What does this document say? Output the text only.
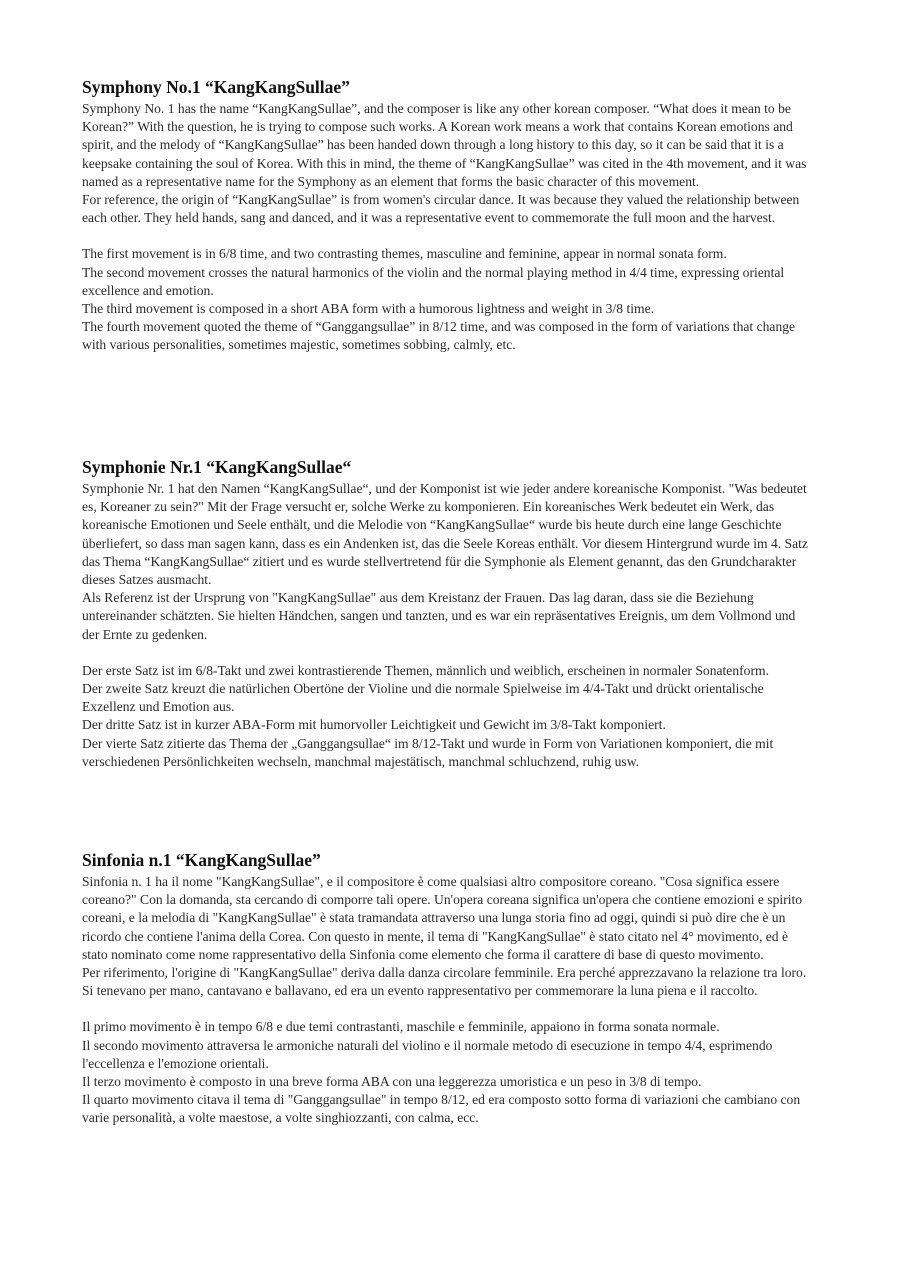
Symphony No.1 “KangKangSullae”

Symphony No. 1 has the name “KangKangSullae”, and the composer is like any other korean composer. “What does it mean to be Korean?” With the question, he is trying to compose such works. A Korean work means a work that contains Korean emotions and spirit, and the melody of “KangKangSullae” has been handed down through a long history to this day, so it can be said that it is a keepsake containing the soul of Korea. With this in mind, the theme of “KangKangSullae” was cited in the 4th movement, and it was named as a representative name for the Symphony as an element that forms the basic character of this movement.

For reference, the origin of “KangKangSullae” is from women's circular dance. It was because they valued the relationship between each other. They held hands, sang and danced, and it was a representative event to commemorate the full moon and the harvest.

The first movement is in 6/8 time, and two contrasting themes, masculine and feminine, appear in normal sonata form.

The second movement crosses the natural harmonics of the violin and the normal playing method in 4/4 time, expressing oriental excellence and emotion.

The third movement is composed in a short ABA form with a humorous lightness and weight in 3/8 time.

The fourth movement quoted the theme of “Ganggangsullae” in 8/12 time, and was composed in the form of variations that change with various personalities, sometimes majestic, sometimes sobbing, calmly, etc.

Symphonie Nr.1 “KangKangSullae“

Symphonie Nr. 1 hat den Namen “KangKangSullae“, und der Komponist ist wie jeder andere koreanische Komponist. "Was bedeutet es, Koreaner zu sein?" Mit der Frage versucht er, solche Werke zu komponieren. Ein koreanisches Werk bedeutet ein Werk, das koreanische Emotionen und Seele enthält, und die Melodie von “KangKangSullae“ wurde bis heute durch eine lange Geschichte überliefert, so dass man sagen kann, dass es ein Andenken ist, das die Seele Koreas enthält. Vor diesem Hintergrund wurde im 4. Satz das Thema “KangKangSullae“ zitiert und es wurde stellvertretend für die Symphonie als Element genannt, das den Grundcharakter dieses Satzes ausmacht.

Als Referenz ist der Ursprung von "KangKangSullae" aus dem Kreistanz der Frauen. Das lag daran, dass sie die Beziehung untereinander schätzten. Sie hielten Händchen, sangen und tanzten, und es war ein repräsentatives Ereignis, um dem Vollmond und der Ernte zu gedenken.

Der erste Satz ist im 6/8-Takt und zwei kontrastierende Themen, männlich und weiblich, erscheinen in normaler Sonatenform.

Der zweite Satz kreuzt die natürlichen Obertöne der Violine und die normale Spielweise im 4/4-Takt und drückt orientalische Exzellenz und Emotion aus.

Der dritte Satz ist in kurzer ABA-Form mit humorvoller Leichtigkeit und Gewicht im 3/8-Takt komponiert.

Der vierte Satz zitierte das Thema der „Ganggangsullae“ im 8/12-Takt und wurde in Form von Variationen komponiert, die mit verschiedenen Persönlichkeiten wechseln, manchmal majestätisch, manchmal schluchzend, ruhig usw.

Sinfonia n.1 “KangKangSullae”

Sinfonia n. 1 ha il nome "KangKangSullae", e il compositore è come qualsiasi altro compositore coreano. "Cosa significa essere coreano?" Con la domanda, sta cercando di comporre tali opere. Un'opera coreana significa un'opera che contiene emozioni e spirito coreani, e la melodia di "KangKangSullae" è stata tramandata attraverso una lunga storia fino ad oggi, quindi si può dire che è un ricordo che contiene l'anima della Corea. Con questo in mente, il tema di "KangKangSullae" è stato citato nel 4° movimento, ed è stato nominato come nome rappresentativo della Sinfonia come elemento che forma il carattere di base di questo movimento.

Per riferimento, l'origine di "KangKangSullae" deriva dalla danza circolare femminile. Era perché apprezzavano la relazione tra loro. Si tenevano per mano, cantavano e ballavano, ed era un evento rappresentativo per commemorare la luna piena e il raccolto.

Il primo movimento è in tempo 6/8 e due temi contrastanti, maschile e femminile, appaiono in forma sonata normale.

Il secondo movimento attraversa le armoniche naturali del violino e il normale metodo di esecuzione in tempo 4/4, esprimendo l'eccellenza e l'emozione orientali.

Il terzo movimento è composto in una breve forma ABA con una leggerezza umoristica e un peso in 3/8 di tempo.

Il quarto movimento citava il tema di "Ganggangsullae" in tempo 8/12, ed era composto sotto forma di variazioni che cambiano con varie personalità, a volte maestose, a volte singhiozzanti, con calma, ecc.
